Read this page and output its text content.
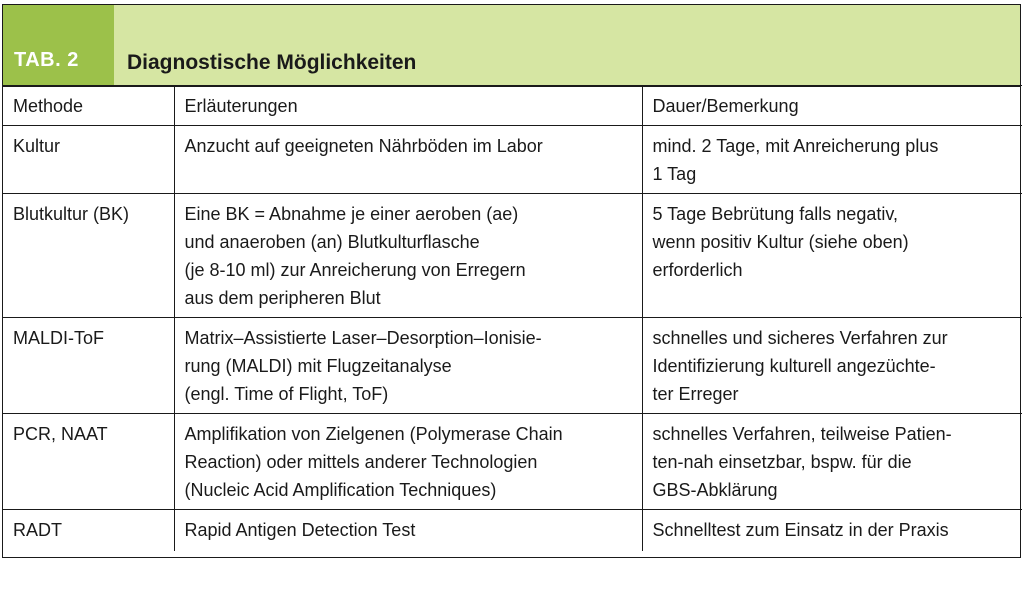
TAB. 2	Diagnostische Möglichkeiten
Methode	Erläuterungen	Dauer/Bemerkung

Kultur	Anzucht auf geeigneten Nährböden im Labor	mind. 2 Tage, mit Anreicherung plus
1 Tag

Blutkultur (BK)	Eine BK = Abnahme je einer aeroben (ae)
und anaeroben (an) Blutkulturflasche
(je 8-10 ml) zur Anreicherung von Erregern
aus dem peripheren Blut	5 Tage Bebrütung falls negativ,
wenn positiv Kultur (siehe oben)
erforderlich

MALDI-ToF	Matrix–Assistierte Laser–Desorption–Ionisie-
rung (MALDI) mit Flugzeitanalyse
(engl. Time of Flight, ToF)	schnelles und sicheres Verfahren zur
Identifizierung kulturell angezüchte-
ter Erreger

PCR, NAAT	Amplifikation von Zielgenen (Polymerase Chain
Reaction) oder mittels anderer Technologien
(Nucleic Acid Amplification Techniques)	schnelles Verfahren, teilweise Patien-
ten-nah einsetzbar, bspw. für die
GBS-Abklärung

RADT	Rapid Antigen Detection Test	Schnelltest zum Einsatz in der Praxis
